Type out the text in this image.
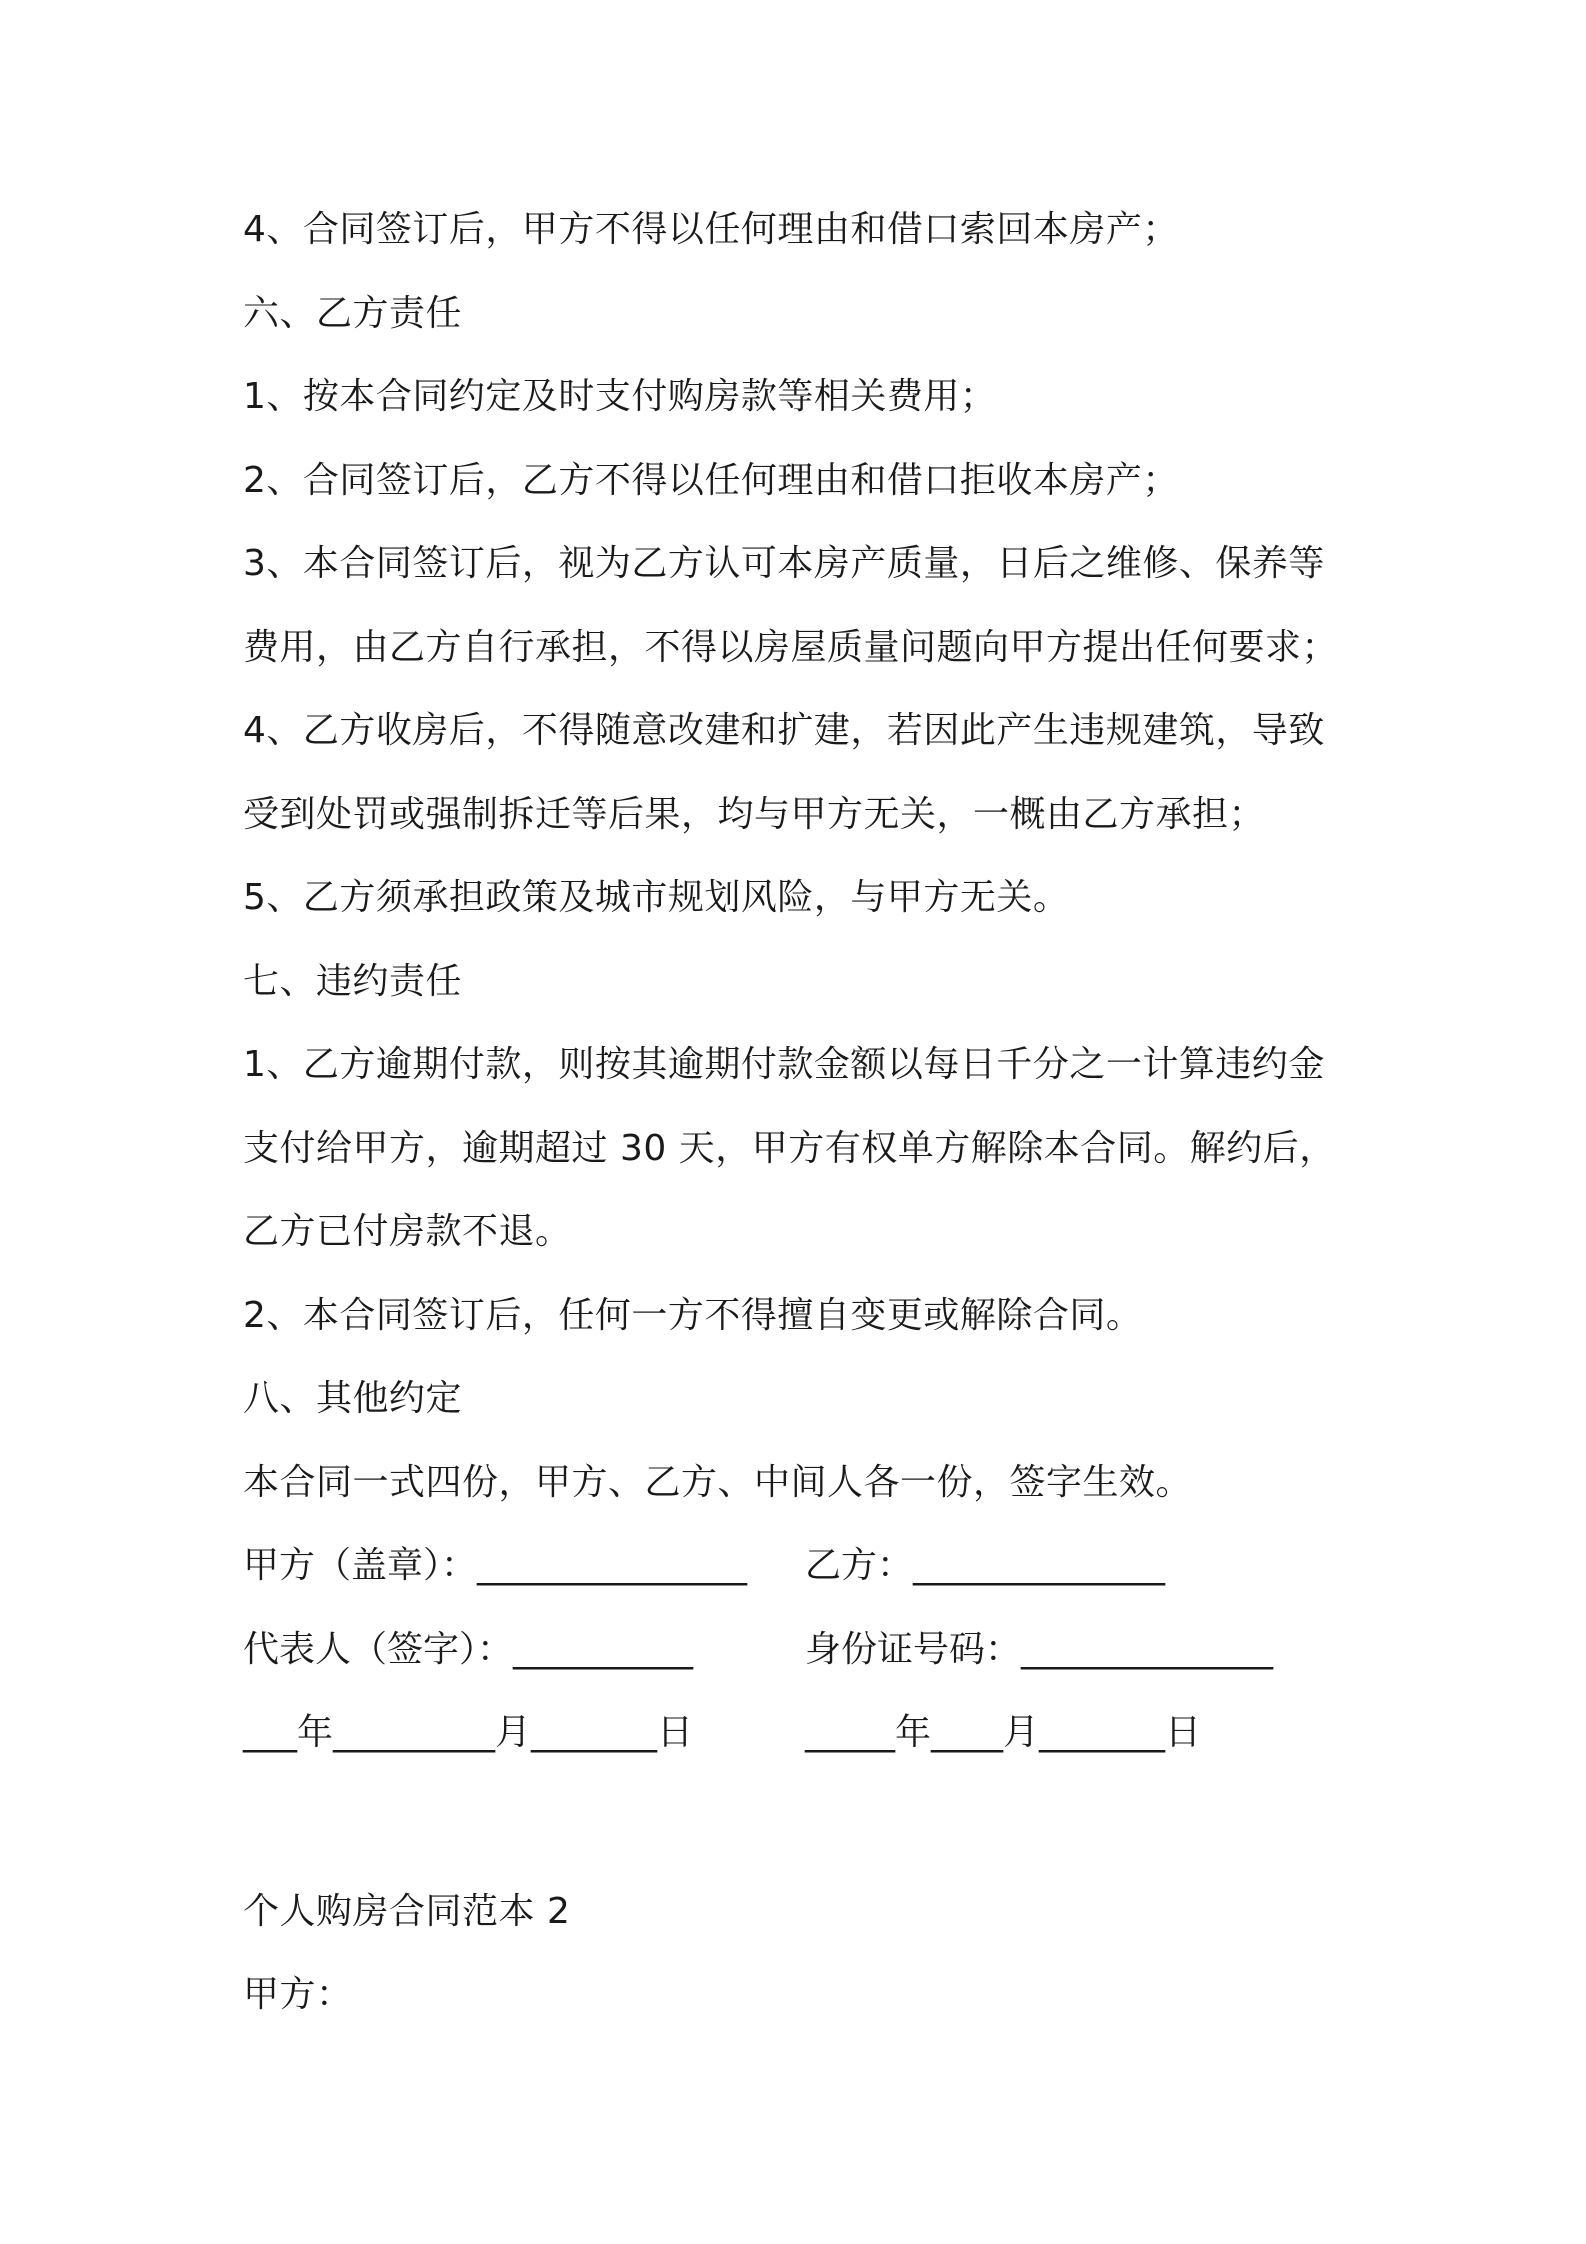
4、合同签订后，甲方不得以任何理由和借口索回本房产；
六、乙方责任
1、按本合同约定及时支付购房款等相关费用；
2、合同签订后，乙方不得以任何理由和借口拒收本房产；
3、本合同签订后，视为乙方认可本房产质量，日后之维修、保养等
费用，由乙方自行承担，不得以房屋质量问题向甲方提出任何要求；
4、乙方收房后，不得随意改建和扩建，若因此产生违规建筑，导致
受到处罚或强制拆迁等后果，均与甲方无关，一概由乙方承担；
5、乙方须承担政策及城市规划风险，与甲方无关。
七、违约责任
1、乙方逾期付款，则按其逾期付款金额以每日千分之一计算违约金
支付给甲方，逾期超过 30 天，甲方有权单方解除本合同。解约后，
乙方已付房款不退。
2、本合同签订后，任何一方不得擅自变更或解除合同。
八、其他约定
本合同一式四份，甲方、乙方、中间人各一份，签字生效。
甲方（盖章）：_______________ 乙方：______________
代表人（签字）：__________	身份证号码：______________
___年_________月_______日	_____年____月_______日
个人购房合同范本 2
甲方：
